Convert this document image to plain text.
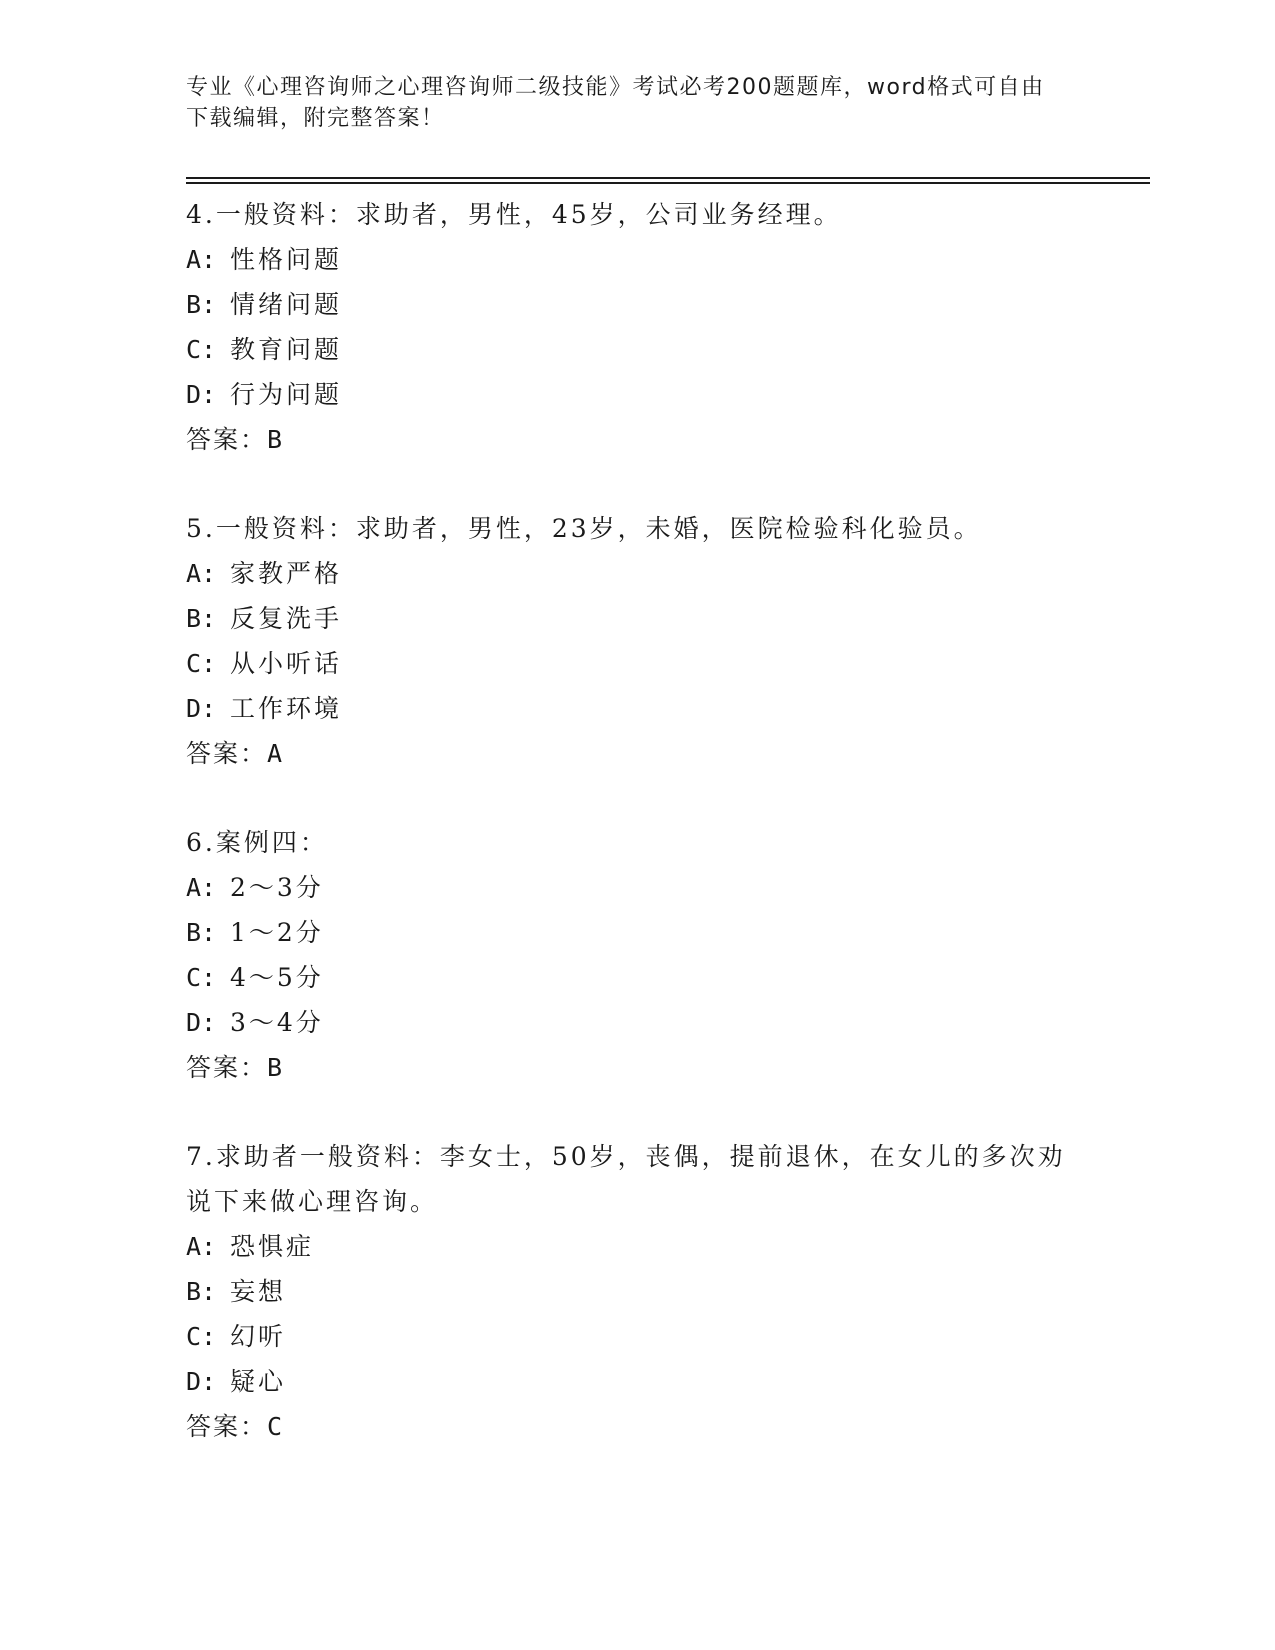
专业《心理咨询师之心理咨询师二级技能》考试必考200题题库，word格式可自由下载编辑，附完整答案！

4.一般资料：求助者，男性，45岁，公司业务经理。

A: 性格问题
B: 情绪问题
C: 教育问题
D: 行为问题
答案：B

5.一般资料：求助者，男性，23岁，未婚，医院检验科化验员。

A: 家教严格
B: 反复洗手
C: 从小听话
D: 工作环境
答案：A

6.案例四：

A: 2～3分
B: 1～2分
C: 4～5分
D: 3～4分
答案：B

7.求助者一般资料：李女士，50岁，丧偶，提前退休，在女儿的多次劝说下来做心理咨询。

A: 恐惧症
B: 妄想
C: 幻听
D: 疑心
答案：C
